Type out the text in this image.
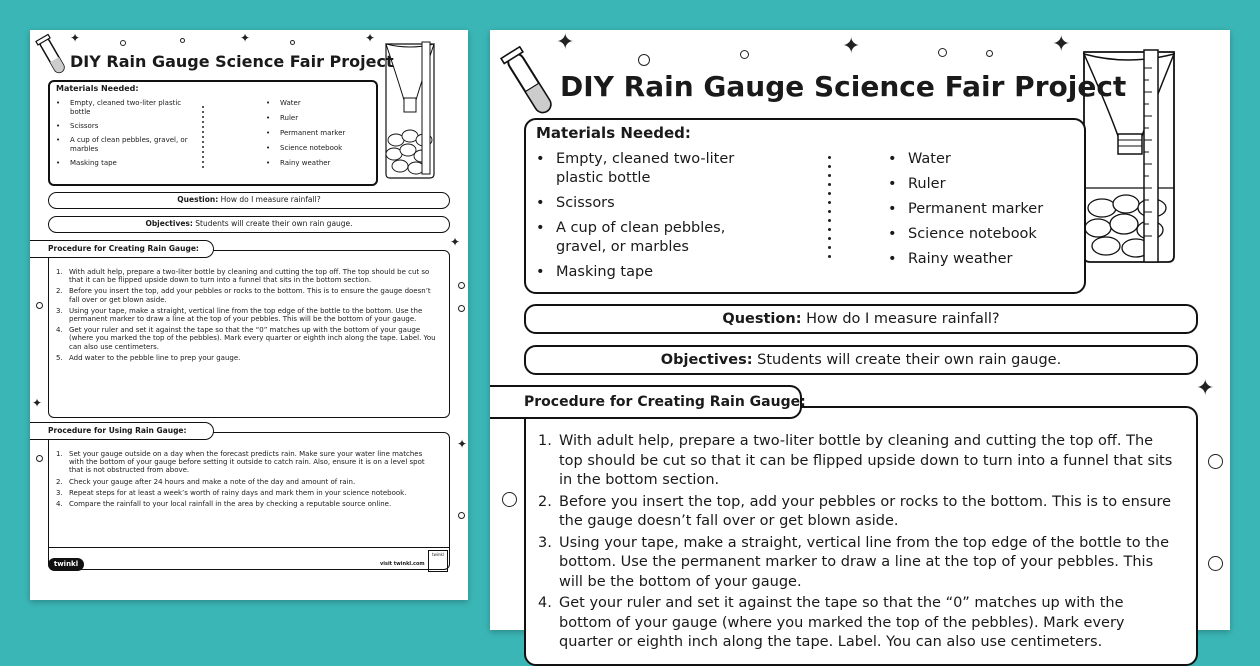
✦	✦	✦
✦
✦
✦
DIY Rain Gauge Science Fair Project
Materials Needed:
• Empty, cleaned two-liter plastic bottle
• Scissors
• A cup of clean pebbles, gravel, or marbles
• Masking tape
• Water
• Ruler
• Permanent marker
• Science notebook
• Rainy weather
Question: How do I measure rainfall?
Objectives: Students will create their own rain gauge.
Procedure for Creating Rain Gauge:
1. With adult help, prepare a two-liter bottle by cleaning and cutting the top off. The top should be cut so that it can be flipped upside down to turn into a funnel that sits in the bottom section.
2. Before you insert the top, add your pebbles or rocks to the bottom. This is to ensure the gauge doesn’t fall over or get blown aside.
3. Using your tape, make a straight, vertical line from the top edge of the bottle to the bottom. Use the permanent marker to draw a line at the top of your pebbles. This will be the bottom of your gauge.
4. Get your ruler and set it against the tape so that the “0” matches up with the bottom of your gauge (where you marked the top of the pebbles). Mark every quarter or eighth inch along the tape. Label. You can also use centimeters.
5. Add water to the pebble line to prep your gauge.
Procedure for Using Rain Gauge:
1. Set your gauge outside on a day when the forecast predicts rain. Make sure your water line matches with the bottom of your gauge before setting it outside to catch rain. Also, ensure it is on a level spot that is not obstructed from above.
2. Check your gauge after 24 hours and make a note of the day and amount of rain.
3. Repeat steps for at least a week’s worth of rainy days and mark them in your science notebook.
4. Compare the rainfall to your local rainfall in the area by checking a reputable source online.
twinkl	visit twinkl.com
twinkl
✦	✦	✦
✦
DIY Rain Gauge Science Fair Project
Materials Needed:
• Empty, cleaned two-liter plastic bottle
• Scissors
• A cup of clean pebbles, gravel, or marbles
• Masking tape
• Water
• Ruler
• Permanent marker
• Science notebook
• Rainy weather
Question: How do I measure rainfall?
Objectives: Students will create their own rain gauge.
Procedure for Creating Rain Gauge:
1. With adult help, prepare a two-liter bottle by cleaning and cutting the top off. The top should be cut so that it can be flipped upside down to turn into a funnel that sits in the bottom section.
2. Before you insert the top, add your pebbles or rocks to the bottom. This is to ensure the gauge doesn’t fall over or get blown aside.
3. Using your tape, make a straight, vertical line from the top edge of the bottle to the bottom. Use the permanent marker to draw a line at the top of your pebbles. This will be the bottom of your gauge.
4. Get your ruler and set it against the tape so that the “0” matches up with the bottom of your gauge (where you marked the top of the pebbles). Mark every quarter or eighth inch along the tape. Label. You can also use centimeters.
